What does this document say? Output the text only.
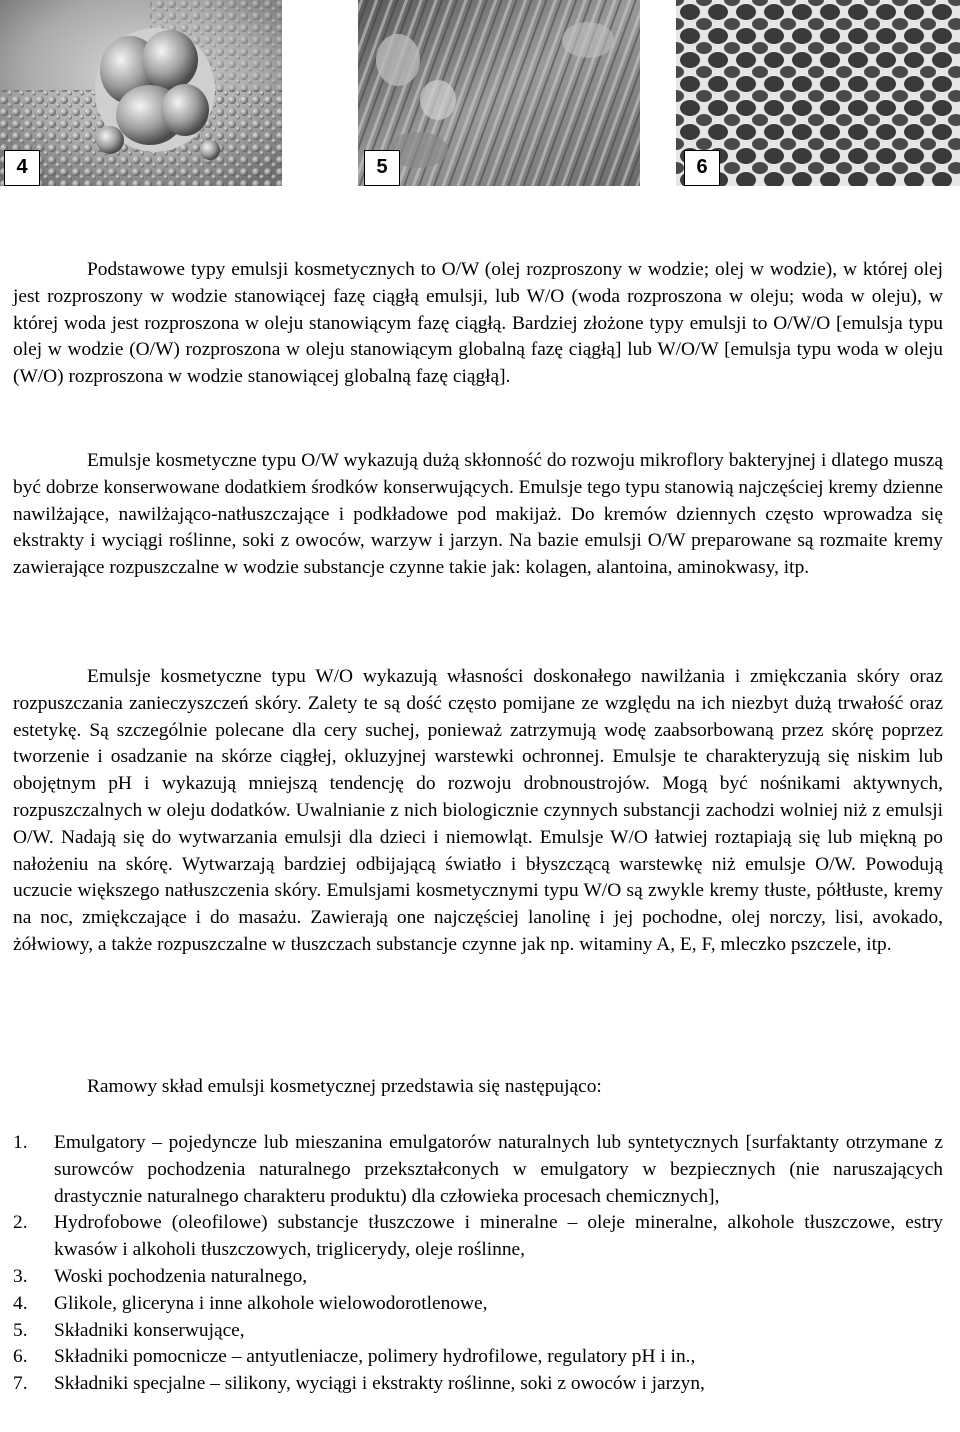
4	5	6

Podstawowe typy emulsji kosmetycznych to O/W (olej rozproszony w wodzie; olej w wodzie), w której olej jest rozproszony w wodzie stanowiącej fazę ciągłą emulsji, lub W/O (woda rozproszona w oleju; woda w oleju), w której woda jest rozproszona w oleju stanowiącym fazę ciągłą. Bardziej złożone typy emulsji to O/W/O [emulsja typu olej w wodzie (O/W) rozproszona w oleju stanowiącym globalną fazę ciągłą] lub W/O/W [emulsja typu woda w oleju (W/O) rozproszona w wodzie stanowiącej globalną fazę ciągłą].

Emulsje kosmetyczne typu O/W wykazują dużą skłonność do rozwoju mikroflory bakteryjnej i dlatego muszą być dobrze konserwowane dodatkiem środków konserwujących. Emulsje tego typu stanowią najczęściej kremy dzienne nawilżające, nawilżająco-natłuszczające i podkładowe pod makijaż. Do kremów dziennych często wprowadza się ekstrakty i wyciągi roślinne, soki z owoców, warzyw i jarzyn. Na bazie emulsji O/W preparowane są rozmaite kremy zawierające rozpuszczalne w wodzie substancje czynne takie jak: kolagen, alantoina, aminokwasy, itp.

Emulsje kosmetyczne typu W/O wykazują własności doskonałego nawilżania i zmiękczania skóry oraz rozpuszczania zanieczyszczeń skóry. Zalety te są dość często pomijane ze względu na ich niezbyt dużą trwałość oraz estetykę. Są szczególnie polecane dla cery suchej, ponieważ zatrzymują wodę zaabsorbowaną przez skórę poprzez tworzenie i osadzanie na skórze ciągłej, okluzyjnej warstewki ochronnej. Emulsje te charakteryzują się niskim lub obojętnym pH i wykazują mniejszą tendencję do rozwoju drobnoustrojów. Mogą być nośnikami aktywnych, rozpuszczalnych w oleju dodatków. Uwalnianie z nich biologicznie czynnych substancji zachodzi wolniej niż z emulsji O/W. Nadają się do wytwarzania emulsji dla dzieci i niemowląt. Emulsje W/O łatwiej roztapiają się lub miękną po nałożeniu na skórę. Wytwarzają bardziej odbijającą światło i błyszczącą warstewkę niż emulsje O/W. Powodują uczucie większego natłuszczenia skóry. Emulsjami kosmetycznymi typu W/O są zwykle kremy tłuste, półtłuste, kremy na noc, zmiękczające i do masażu. Zawierają one najczęściej lanolinę i jej pochodne, olej norczy, lisi, avokado, żółwiowy, a także rozpuszczalne w tłuszczach substancje czynne jak np. witaminy A, E, F, mleczko pszczele, itp.

Ramowy skład emulsji kosmetycznej przedstawia się następująco:

1. Emulgatory – pojedyncze lub mieszanina emulgatorów naturalnych lub syntetycznych [surfaktanty otrzymane z surowców pochodzenia naturalnego przekształconych w emulgatory w bezpiecznych (nie naruszających drastycznie naturalnego charakteru produktu) dla człowieka procesach chemicznych],
2. Hydrofobowe (oleofilowe) substancje tłuszczowe i mineralne – oleje mineralne, alkohole tłuszczowe, estry kwasów i alkoholi tłuszczowych, triglicerydy, oleje roślinne,
3. Woski pochodzenia naturalnego,
4. Glikole, gliceryna i inne alkohole wielowodorotlenowe,
5. Składniki konserwujące,
6. Składniki pomocnicze – antyutleniacze, polimery hydrofilowe, regulatory pH i in.,
7. Składniki specjalne – silikony, wyciągi i ekstrakty roślinne, soki z owoców i jarzyn,
